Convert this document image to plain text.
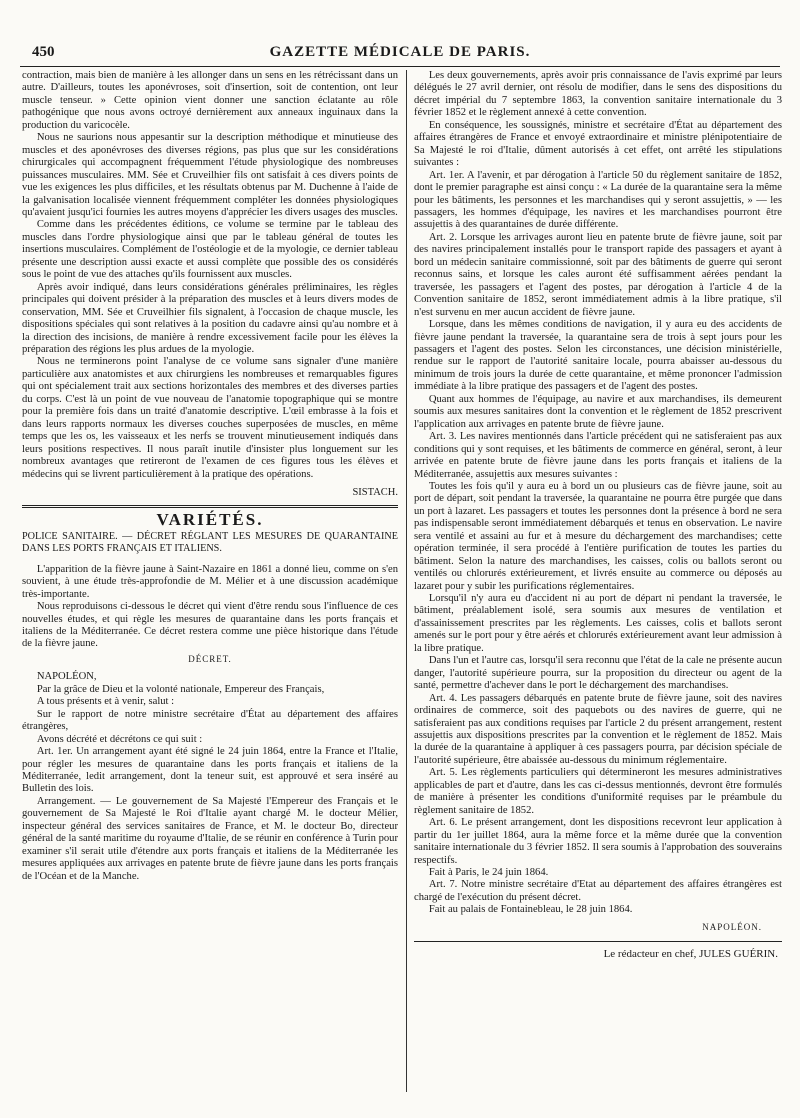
450	GAZETTE MÉDICALE DE PARIS.

contraction, mais bien de manière à les allonger dans un sens en les rétrécissant dans un autre. D'ailleurs, toutes les aponévroses, soit d'insertion, soit de contention, ont leur muscle tenseur. » Cette opinion vient donner une sanction éclatante au rôle pathogénique que nous avons octroyé dernièrement aux anneaux inguinaux dans la production du varicocèle.

Nous ne saurions nous appesantir sur la description méthodique et minutieuse des muscles et des aponévroses des diverses régions, pas plus que sur les considérations chirurgicales qui accompagnent fréquemment l'étude physiologique des nombreuses puissances musculaires. MM. Sée et Cruveilhier fils ont satisfait à ces divers points de vue les exigences les plus difficiles, et les résultats obtenus par M. Duchenne à l'aide de la galvanisation localisée viennent fréquemment compléter les données physiologiques qu'avaient jusqu'ici fournies les autres moyens d'apprécier les divers usages des muscles.

Comme dans les précédentes éditions, ce volume se termine par le tableau des muscles dans l'ordre physiologique ainsi que par le tableau général de toutes les insertions musculaires. Complément de l'ostéologie et de la myologie, ce dernier tableau présente une description aussi exacte et aussi complète que possible des os considérés sous le point de vue des attaches qu'ils fournissent aux muscles.

Après avoir indiqué, dans leurs considérations générales préliminaires, les règles principales qui doivent présider à la préparation des muscles et à leurs divers modes de conservation, MM. Sée et Cruveilhier fils signalent, à l'occasion de chaque muscle, les dispositions spéciales qui sont relatives à la position du cadavre ainsi qu'au nombre et à la direction des incisions, de manière à rendre excessivement facile pour les élèves la préparation des régions les plus ardues de la myologie.

Nous ne terminerons point l'analyse de ce volume sans signaler d'une manière particulière aux anatomistes et aux chirurgiens les nombreuses et remarquables figures qui ont spécialement trait aux sections horizontales des membres et des diverses parties du corps. C'est là un point de vue nouveau de l'anatomie topographique qui se montre pour la première fois dans un traité d'anatomie descriptive. L'œil embrasse à la fois et dans leurs rapports normaux les diverses couches superposées de muscles, en même temps que les os, les vaisseaux et les nerfs se trouvent minutieusement indiqués dans leurs positions respectives. Il nous paraît inutile d'insister plus longuement sur les nombreux avantages que retireront de l'examen de ces figures tous les élèves et médecins qui se livrent particulièrement à la pratique des opérations.

SISTACH.
VARIÉTÉS.
POLICE SANITAIRE. — DÉCRET RÉGLANT LES MESURES DE QUARANTAINE DANS LES PORTS FRANÇAIS ET ITALIENS.

L'apparition de la fièvre jaune à Saint-Nazaire en 1861 a donné lieu, comme on s'en souvient, à une étude très-approfondie de M. Mélier et à une discussion académique très-importante.

Nous reproduisons ci-dessous le décret qui vient d'être rendu sous l'influence de ces nouvelles études, et qui règle les mesures de quarantaine dans les ports français et italiens de la Méditerranée. Ce décret restera comme une pièce historique dans l'étude de la fièvre jaune.

DÉCRET.

NAPOLÉON,

Par la grâce de Dieu et la volonté nationale, Empereur des Français,

A tous présents et à venir, salut :

Sur le rapport de notre ministre secrétaire d'État au département des affaires étrangères,

Avons décrété et décrétons ce qui suit :

Art. 1er. Un arrangement ayant été signé le 24 juin 1864, entre la France et l'Italie, pour régler les mesures de quarantaine dans les ports français et italiens de la Méditerranée, ledit arrangement, dont la teneur suit, est approuvé et sera inséré au Bulletin des lois.

Arrangement. — Le gouvernement de Sa Majesté l'Empereur des Français et le gouvernement de Sa Majesté le Roi d'Italie ayant chargé M. le docteur Mélier, inspecteur général des services sanitaires de France, et M. le docteur Bo, directeur général de la santé maritime du royaume d'Italie, de se réunir en conférence à Turin pour examiner s'il serait utile d'étendre aux ports français et italiens de la Méditerranée les mesures appliquées aux arrivages en patente brute de fièvre jaune dans les ports français de l'Océan et de la Manche.

Les deux gouvernements, après avoir pris connaissance de l'avis exprimé par leurs délégués le 27 avril dernier, ont résolu de modifier, dans le sens des dispositions du décret impérial du 7 septembre 1863, la convention sanitaire internationale du 3 février 1852 et le règlement annexé à cette convention.

En conséquence, les soussignés, ministre et secrétaire d'État au département des affaires étrangères de France et envoyé extraordinaire et ministre plénipotentiaire de Sa Majesté le roi d'Italie, dûment autorisés à cet effet, ont arrêté les stipulations suivantes :

Art. 1er. A l'avenir, et par dérogation à l'article 50 du règlement sanitaire de 1852, dont le premier paragraphe est ainsi conçu : « La durée de la quarantaine sera la même pour les bâtiments, les personnes et les marchandises qui y seront assujettis, » — les passagers, les hommes d'équipage, les navires et les marchandises pourront être assujettis à des quarantaines de durée différente.

Art. 2. Lorsque les arrivages auront lieu en patente brute de fièvre jaune, soit par des navires principalement installés pour le transport rapide des passagers et ayant à bord un médecin sanitaire commissionné, soit par des bâtiments de guerre qui seront reconnus sains, et lorsque les cales auront été suffisamment aérées pendant la traversée, les passagers et l'agent des postes, par dérogation à l'article 4 de la Convention sanitaire de 1852, seront immédiatement admis à la libre pratique, s'il n'est survenu en mer aucun accident de fièvre jaune.

Lorsque, dans les mêmes conditions de navigation, il y aura eu des accidents de fièvre jaune pendant la traversée, la quarantaine sera de trois à sept jours pour les passagers et l'agent des postes. Selon les circonstances, une décision ministérielle, rendue sur le rapport de l'autorité sanitaire locale, pourra abaisser au-dessous du minimum de trois jours la durée de cette quarantaine, et même prononcer l'admission immédiate à la libre pratique des passagers et de l'agent des postes.

Quant aux hommes de l'équipage, au navire et aux marchandises, ils demeurent soumis aux mesures sanitaires dont la convention et le règlement de 1852 prescrivent l'application aux arrivages en patente brute de fièvre jaune.

Art. 3. Les navires mentionnés dans l'article précédent qui ne satisferaient pas aux conditions qui y sont requises, et les bâtiments de commerce en général, seront, à leur arrivée en patente brute de fièvre jaune dans les ports français et italiens de la Méditerranée, assujettis aux mesures suivantes :

Toutes les fois qu'il y aura eu à bord un ou plusieurs cas de fièvre jaune, soit au port de départ, soit pendant la traversée, la quarantaine ne pourra être purgée que dans un port à lazaret. Les passagers et toutes les personnes dont la présence à bord ne sera pas indispensable seront immédiatement débarqués et tenus en observation. Le navire sera ventilé et assaini au fur et à mesure du déchargement des marchandises; cette opération terminée, il sera procédé à l'entière purification de toutes les parties du bâtiment. Selon la nature des marchandises, les caisses, colis ou ballots seront ou ventilés ou chlorurés extérieurement, et livrés ensuite au commerce ou déposés au lazaret pour y subir les purifications réglementaires.

Lorsqu'il n'y aura eu d'accident ni au port de départ ni pendant la traversée, le bâtiment, préalablement isolé, sera soumis aux mesures de ventilation et d'assainissement prescrites par les règlements. Les caisses, colis et ballots seront amenés sur le port pour y être aérés et chlorurés extérieurement avant leur admission à la libre pratique.

Dans l'un et l'autre cas, lorsqu'il sera reconnu que l'état de la cale ne présente aucun danger, l'autorité supérieure pourra, sur la proposition du directeur ou agent de la santé, permettre d'achever dans le port le déchargement des marchandises.

Art. 4. Les passagers débarqués en patente brute de fièvre jaune, soit des navires ordinaires de commerce, soit des paquebots ou des navires de guerre, qui ne satisferaient pas aux conditions requises par l'article 2 du présent arrangement, restent assujettis aux dispositions prescrites par la convention et le règlement de 1852. Mais la durée de la quarantaine à appliquer à ces passagers pourra, par décision spéciale de l'autorité supérieure, être abaissée au-dessous du minimum réglementaire.

Art. 5. Les règlements particuliers qui détermineront les mesures administratives applicables de part et d'autre, dans les cas ci-dessus mentionnés, devront être formulés de manière à présenter les conditions d'uniformité requises par le préambule du règlement sanitaire de 1852.

Art. 6. Le présent arrangement, dont les dispositions recevront leur application à partir du 1er juillet 1864, aura la même force et la même durée que la convention sanitaire internationale du 3 février 1852. Il sera soumis à l'approbation des souverains respectifs.

Fait à Paris, le 24 juin 1864.

Art. 7. Notre ministre secrétaire d'Etat au département des affaires étrangères est chargé de l'exécution du présent décret.

Fait au palais de Fontainebleau, le 28 juin 1864.

NAPOLÉON.
Le rédacteur en chef, JULES GUÉRIN.
